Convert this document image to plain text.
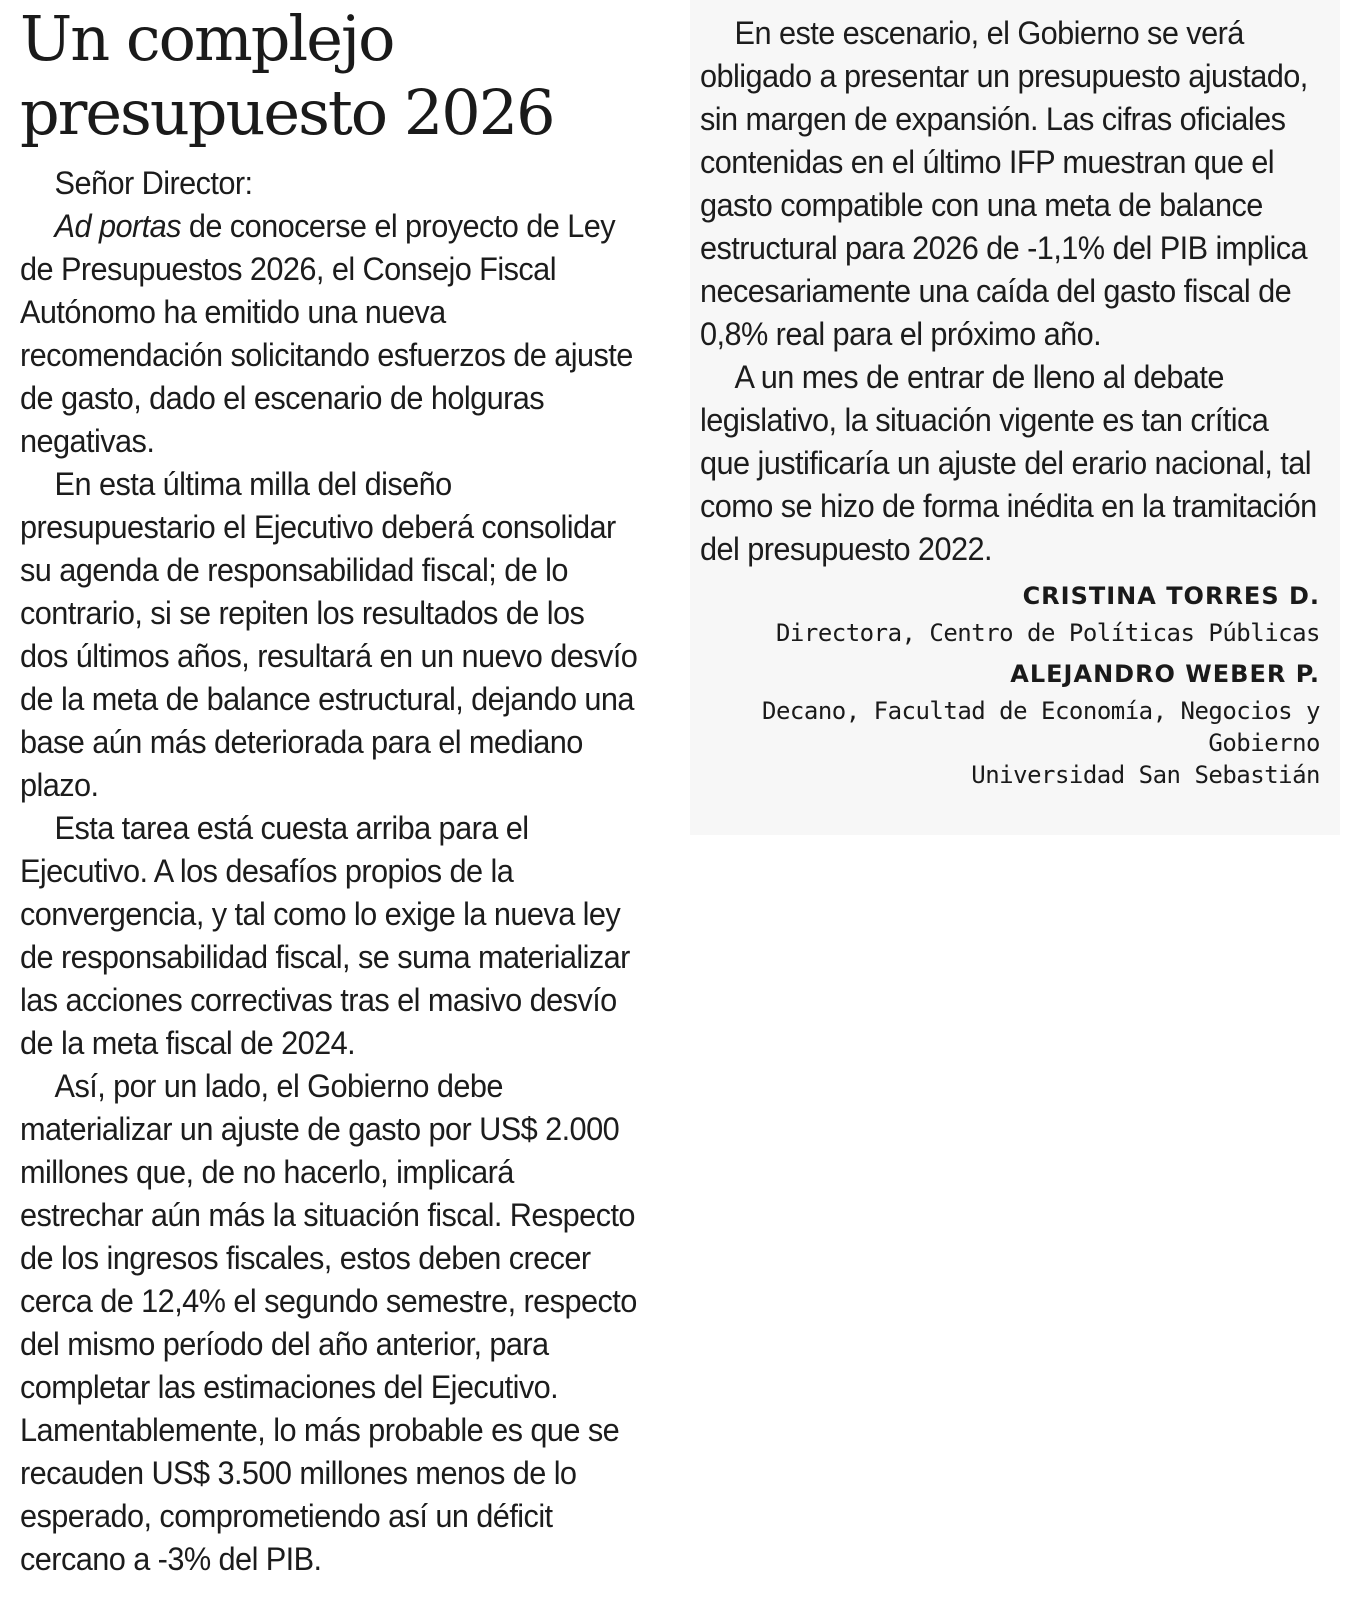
Un complejo
presupuesto 2026

Señor Director:

Ad portas de conocerse el proyecto de Ley de Presupuestos 2026, el Consejo Fiscal Autónomo ha emitido una nueva recomendación solicitando esfuerzos de ajuste de gasto, dado el escenario de holguras negativas.

En esta última milla del diseño presupuestario el Ejecutivo deberá consolidar su agenda de responsabilidad fiscal; de lo contrario, si se repiten los resultados de los dos últimos años, resultará en un nuevo desvío de la meta de balance estructural, dejando una base aún más deteriorada para el mediano plazo.

Esta tarea está cuesta arriba para el Ejecutivo. A los desafíos propios de la convergencia, y tal como lo exige la nueva ley de responsabilidad fiscal, se suma materializar las acciones correctivas tras el masivo desvío de la meta fiscal de 2024.

Así, por un lado, el Gobierno debe materializar un ajuste de gasto por US$ 2.000 millones que, de no hacerlo, implicará estrechar aún más la situación fiscal. Respecto de los ingresos fiscales, estos deben crecer cerca de 12,4% el segundo semestre, respecto del mismo período del año anterior, para completar las estimaciones del Ejecutivo. Lamentablemente, lo más probable es que se recauden US$ 3.500 millones menos de lo esperado, comprometiendo así un déficit cercano a -3% del PIB.

En este escenario, el Gobierno se verá obligado a presentar un presupuesto ajustado, sin margen de expansión. Las cifras oficiales contenidas en el último IFP muestran que el gasto compatible con una meta de balance estructural para 2026 de -1,1% del PIB implica necesariamente una caída del gasto fiscal de 0,8% real para el próximo año.

A un mes de entrar de lleno al debate legislativo, la situación vigente es tan crítica que justificaría un ajuste del erario nacional, tal como se hizo de forma inédita en la tramitación del presupuesto 2022.

CRISTINA TORRES D.
Directora, Centro de Políticas Públicas
ALEJANDRO WEBER P.
Decano, Facultad de Economía, Negocios y Gobierno
Universidad San Sebastián
